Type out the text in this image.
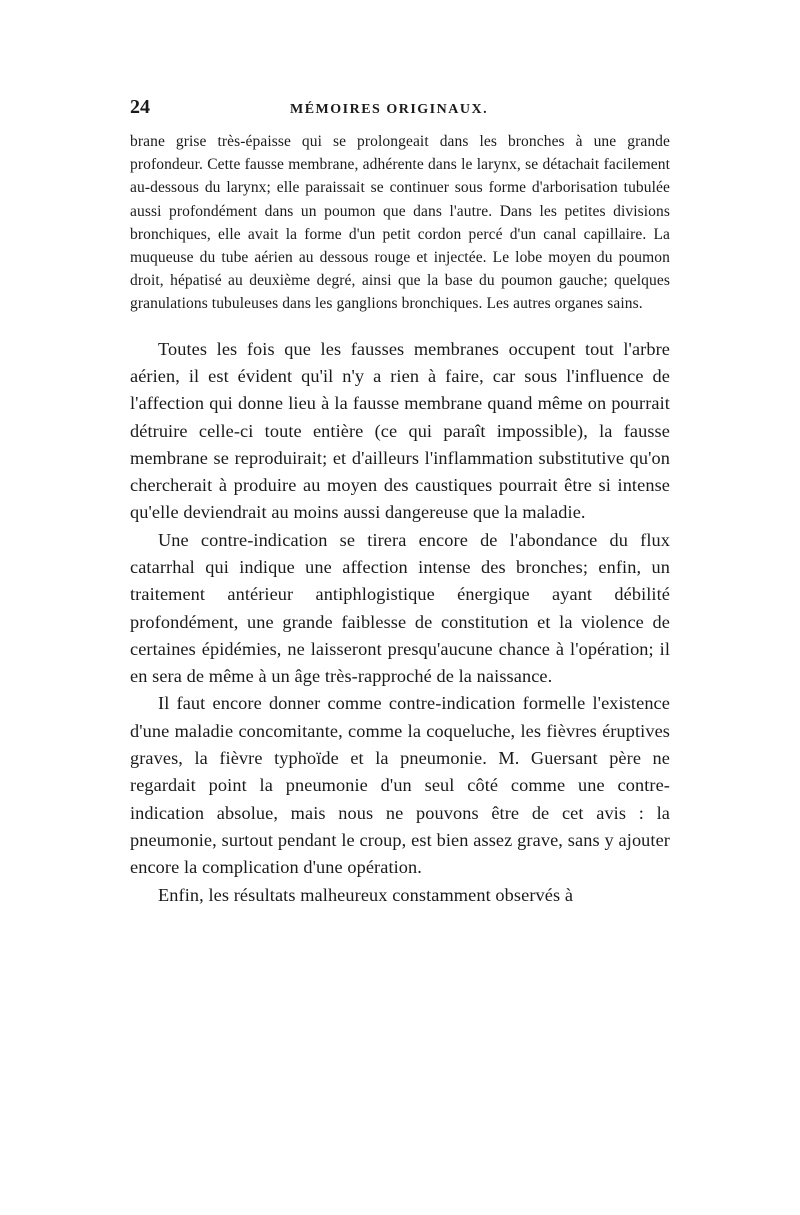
24	MÉMOIRES ORIGINAUX.

brane grise très-épaisse qui se prolongeait dans les bronches à une grande profondeur. Cette fausse membrane, adhérente dans le larynx, se détachait facilement au-dessous du larynx; elle paraissait se continuer sous forme d'arborisation tubulée aussi profondément dans un poumon que dans l'autre. Dans les petites divisions bronchiques, elle avait la forme d'un petit cordon percé d'un canal capillaire. La muqueuse du tube aérien au dessous rouge et injectée. Le lobe moyen du poumon droit, hépatisé au deuxième degré, ainsi que la base du poumon gauche; quelques granulations tubuleuses dans les ganglions bronchiques. Les autres organes sains.

Toutes les fois que les fausses membranes occupent tout l'arbre aérien, il est évident qu'il n'y a rien à faire, car sous l'influence de l'affection qui donne lieu à la fausse membrane quand même on pourrait détruire celle-ci toute entière (ce qui paraît impossible), la fausse membrane se reproduirait; et d'ailleurs l'inflammation substitutive qu'on chercherait à produire au moyen des caustiques pourrait être si intense qu'elle deviendrait au moins aussi dangereuse que la maladie.

Une contre-indication se tirera encore de l'abondance du flux catarrhal qui indique une affection intense des bronches; enfin, un traitement antérieur antiphlogistique énergique ayant débilité profondément, une grande faiblesse de constitution et la violence de certaines épidémies, ne laisseront presqu'aucune chance à l'opération; il en sera de même à un âge très-rapproché de la naissance.

Il faut encore donner comme contre-indication formelle l'existence d'une maladie concomitante, comme la coqueluche, les fièvres éruptives graves, la fièvre typhoïde et la pneumonie. M. Guersant père ne regardait point la pneumonie d'un seul côté comme une contre-indication absolue, mais nous ne pouvons être de cet avis : la pneumonie, surtout pendant le croup, est bien assez grave, sans y ajouter encore la complication d'une opération.

Enfin, les résultats malheureux constamment observés à
